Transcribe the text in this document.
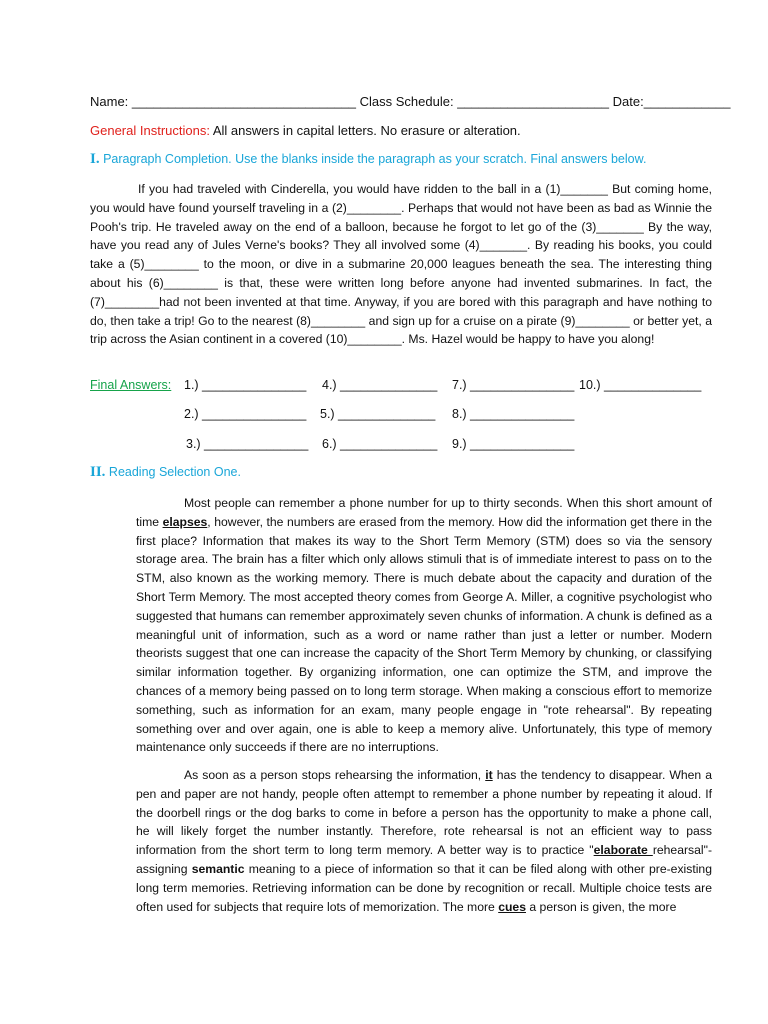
Name: _______________________________ Class Schedule: _____________________ Date:____________
General Instructions: All answers in capital letters. No erasure or alteration.
I. Paragraph Completion. Use the blanks inside the paragraph as your scratch. Final answers below.

If you had traveled with Cinderella, you would have ridden to the ball in a (1)_______ But coming home, you would have found yourself traveling in a (2)________. Perhaps that would not have been as bad as Winnie the Pooh's trip. He traveled away on the end of a balloon, because he forgot to let go of the (3)_______ By the way, have you read any of Jules Verne's books? They all involved some (4)_______. By reading his books, you could take a (5)________ to the moon, or dive in a submarine 20,000 leagues beneath the sea. The interesting thing about his (6)________ is that, these were written long before anyone had invented submarines. In fact, the (7)________had not been invented at that time. Anyway, if you are bored with this paragraph and have nothing to do, then take a trip! Go to the nearest (8)________ and sign up for a cruise on a pirate (9)________ or better yet, a trip across the Asian continent in a covered (10)________. Ms. Hazel would be happy to have you along!

Final Answers: 1.) _______________
2.) _______________
3.) _______________
4.) ______________
5.) ______________
6.) ______________
7.) _______________
8.) _______________
9.) _______________
10.) ______________
II. Reading Selection One.

Most people can remember a phone number for up to thirty seconds. When this short amount of time elapses, however, the numbers are erased from the memory. How did the information get there in the first place? Information that makes its way to the Short Term Memory (STM) does so via the sensory storage area. The brain has a filter which only allows stimuli that is of immediate interest to pass on to the STM, also known as the working memory. There is much debate about the capacity and duration of the Short Term Memory. The most accepted theory comes from George A. Miller, a cognitive psychologist who suggested that humans can remember approximately seven chunks of information. A chunk is defined as a meaningful unit of information, such as a word or name rather than just a letter or number. Modern theorists suggest that one can increase the capacity of the Short Term Memory by chunking, or classifying similar information together. By organizing information, one can optimize the STM, and improve the chances of a memory being passed on to long term storage. When making a conscious effort to memorize something, such as information for an exam, many people engage in "rote rehearsal". By repeating something over and over again, one is able to keep a memory alive. Unfortunately, this type of memory maintenance only succeeds if there are no interruptions.

As soon as a person stops rehearsing the information, it has the tendency to disappear. When a pen and paper are not handy, people often attempt to remember a phone number by repeating it aloud. If the doorbell rings or the dog barks to come in before a person has the opportunity to make a phone call, he will likely forget the number instantly. Therefore, rote rehearsal is not an efficient way to pass information from the short term to long term memory. A better way is to practice "elaborate rehearsal"- assigning semantic meaning to a piece of information so that it can be filed along with other pre-existing long term memories. Retrieving information can be done by recognition or recall. Multiple choice tests are often used for subjects that require lots of memorization. The more cues a person is given, the more
